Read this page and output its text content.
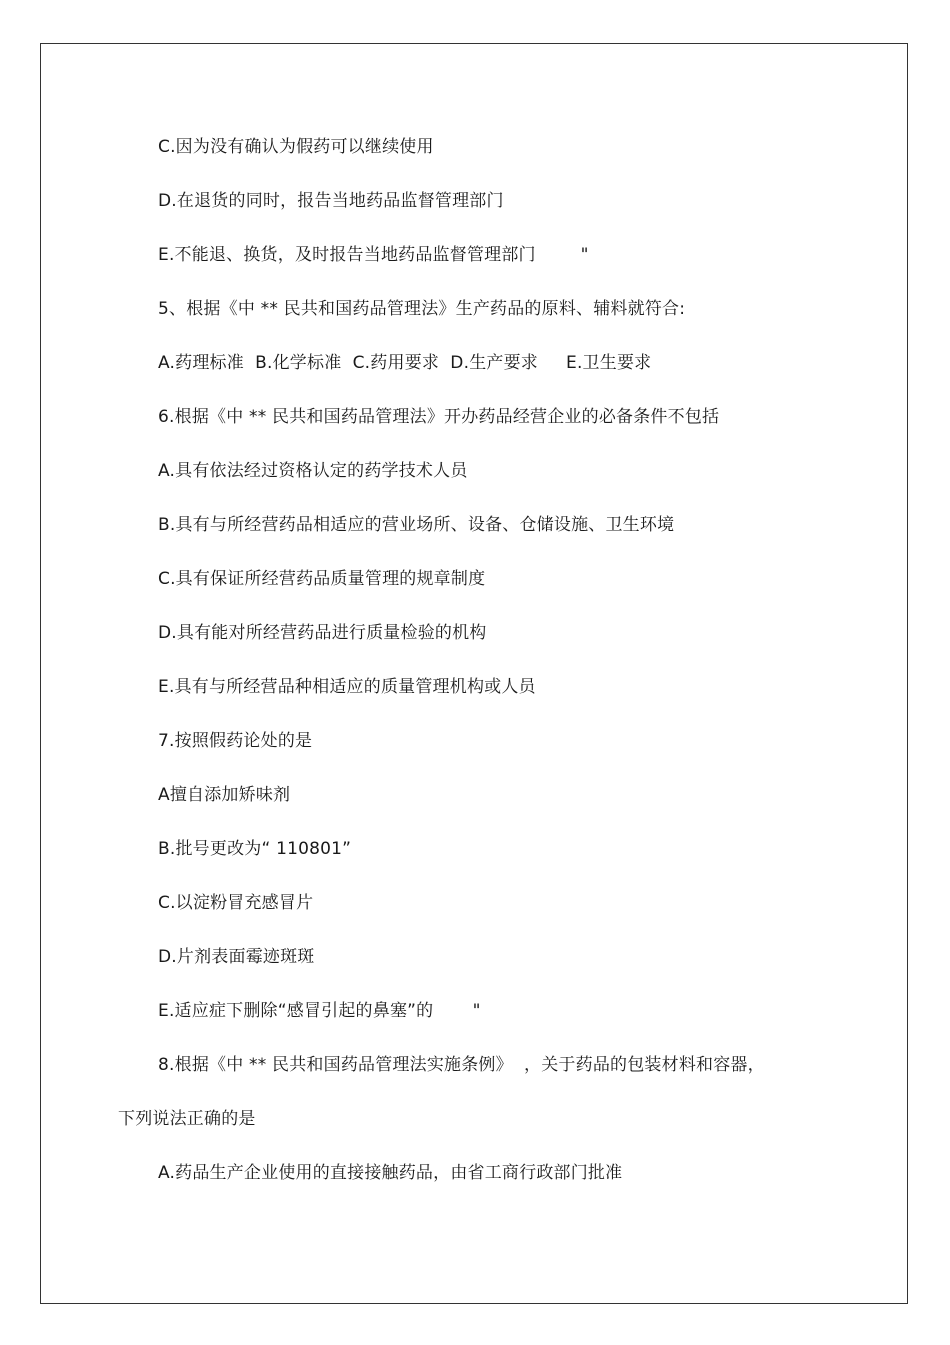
C.因为没有确认为假药可以继续使用
D.在退货的同时，报告当地药品监督管理部门
E.不能退、换货，及时报告当地药品监督管理部门        "
5、根据《中 ** 民共和国药品管理法》生产药品的原料、辅料就符合:
A.药理标准  B.化学标准  C.药用要求  D.生产要求     E.卫生要求
6.根据《中 ** 民共和国药品管理法》开办药品经营企业的必备条件不包括
A.具有依法经过资格认定的药学技术人员
B.具有与所经营药品相适应的营业场所、设备、仓储设施、卫生环境
C.具有保证所经营药品质量管理的规章制度
D.具有能对所经营药品进行质量检验的机构
E.具有与所经营品种相适应的质量管理机构或人员
7.按照假药论处的是
A擅自添加矫味剂
B.批号更改为“ 110801”
C.以淀粉冒充感冒片
D.片剂表面霉迹斑斑
E.适应症下删除“感冒引起的鼻塞”的       "
8.根据《中 ** 民共和国药品管理法实施条例》  ，关于药品的包装材料和容器，
下列说法正确的是
A.药品生产企业使用的直接接触药品，由省工商行政部门批准
